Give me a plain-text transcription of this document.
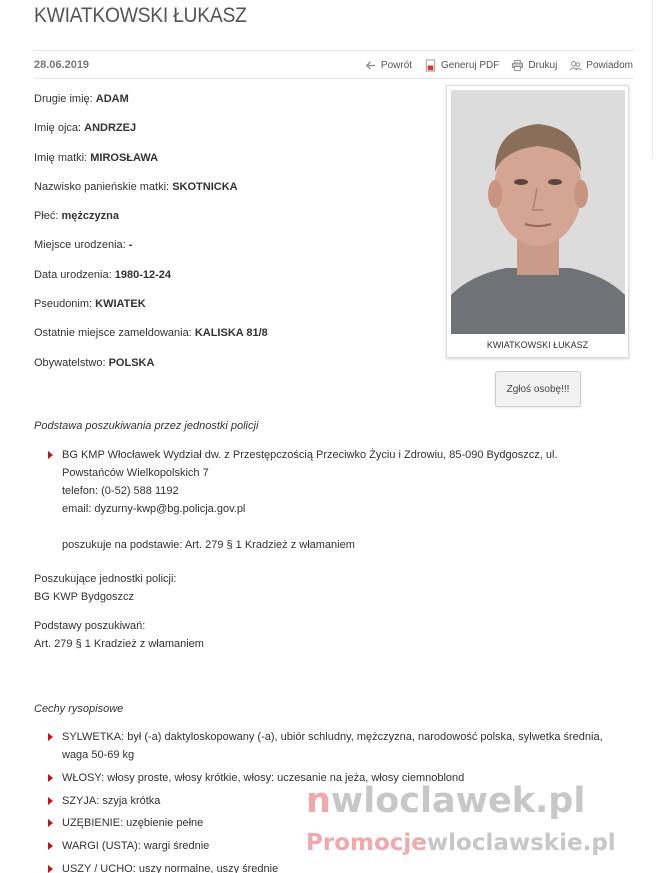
KWIATKOWSKI ŁUKASZ
28.06.2019	Powrót	Generuj PDF	Drukuj	Powiadom
Drugie imię: ADAM
Imię ojca: ANDRZEJ
Imię matki: MIROSŁAWA
Nazwisko panieńskie matki: SKOTNICKA
Płeć: mężczyzna
Miejsce urodzenia: -
Data urodzenia: 1980-12-24
Pseudonim: KWIATEK
Ostatnie miejsce zameldowania: KALISKA 81/8
Obywatelstwo: POLSKA
KWIATKOWSKI ŁUKASZ
Zgłoś osobę!!!
Podstawa poszukiwania przez jednostki policji
BG KMP Włocławek Wydział dw. z Przestępczością Przeciwko Życiu i Zdrowiu, 85-090 Bydgoszcz, ul.
Powstańców Wielkopolskich 7
telefon: (0-52) 588 1192
email: dyzurny-kwp@bg.policja.gov.pl
poszukuje na podstawie: Art. 279 § 1 Kradzież z włamaniem
Poszukujące jednostki policji:
BG KWP Bydgoszcz
Podstawy poszukiwań:
Art. 279 § 1 Kradzież z włamaniem
Cechy rysopisowe
SYLWETKA: był (-a) daktyloskopowany (-a), ubiór schludny, mężczyzna, narodowość polska, sylwetka średnia,
waga 50-69 kg
WŁOSY: włosy proste, włosy krótkie, włosy: uczesanie na jeża, włosy ciemnoblond
SZYJA: szyja krótka
UZĘBIENIE: uzębienie pełne
WARGI (USTA): wargi średnie
USZY / UCHO: uszy normalne, uszy średnie
nwloclawek.pl
Promocjewloclawskie.pl
